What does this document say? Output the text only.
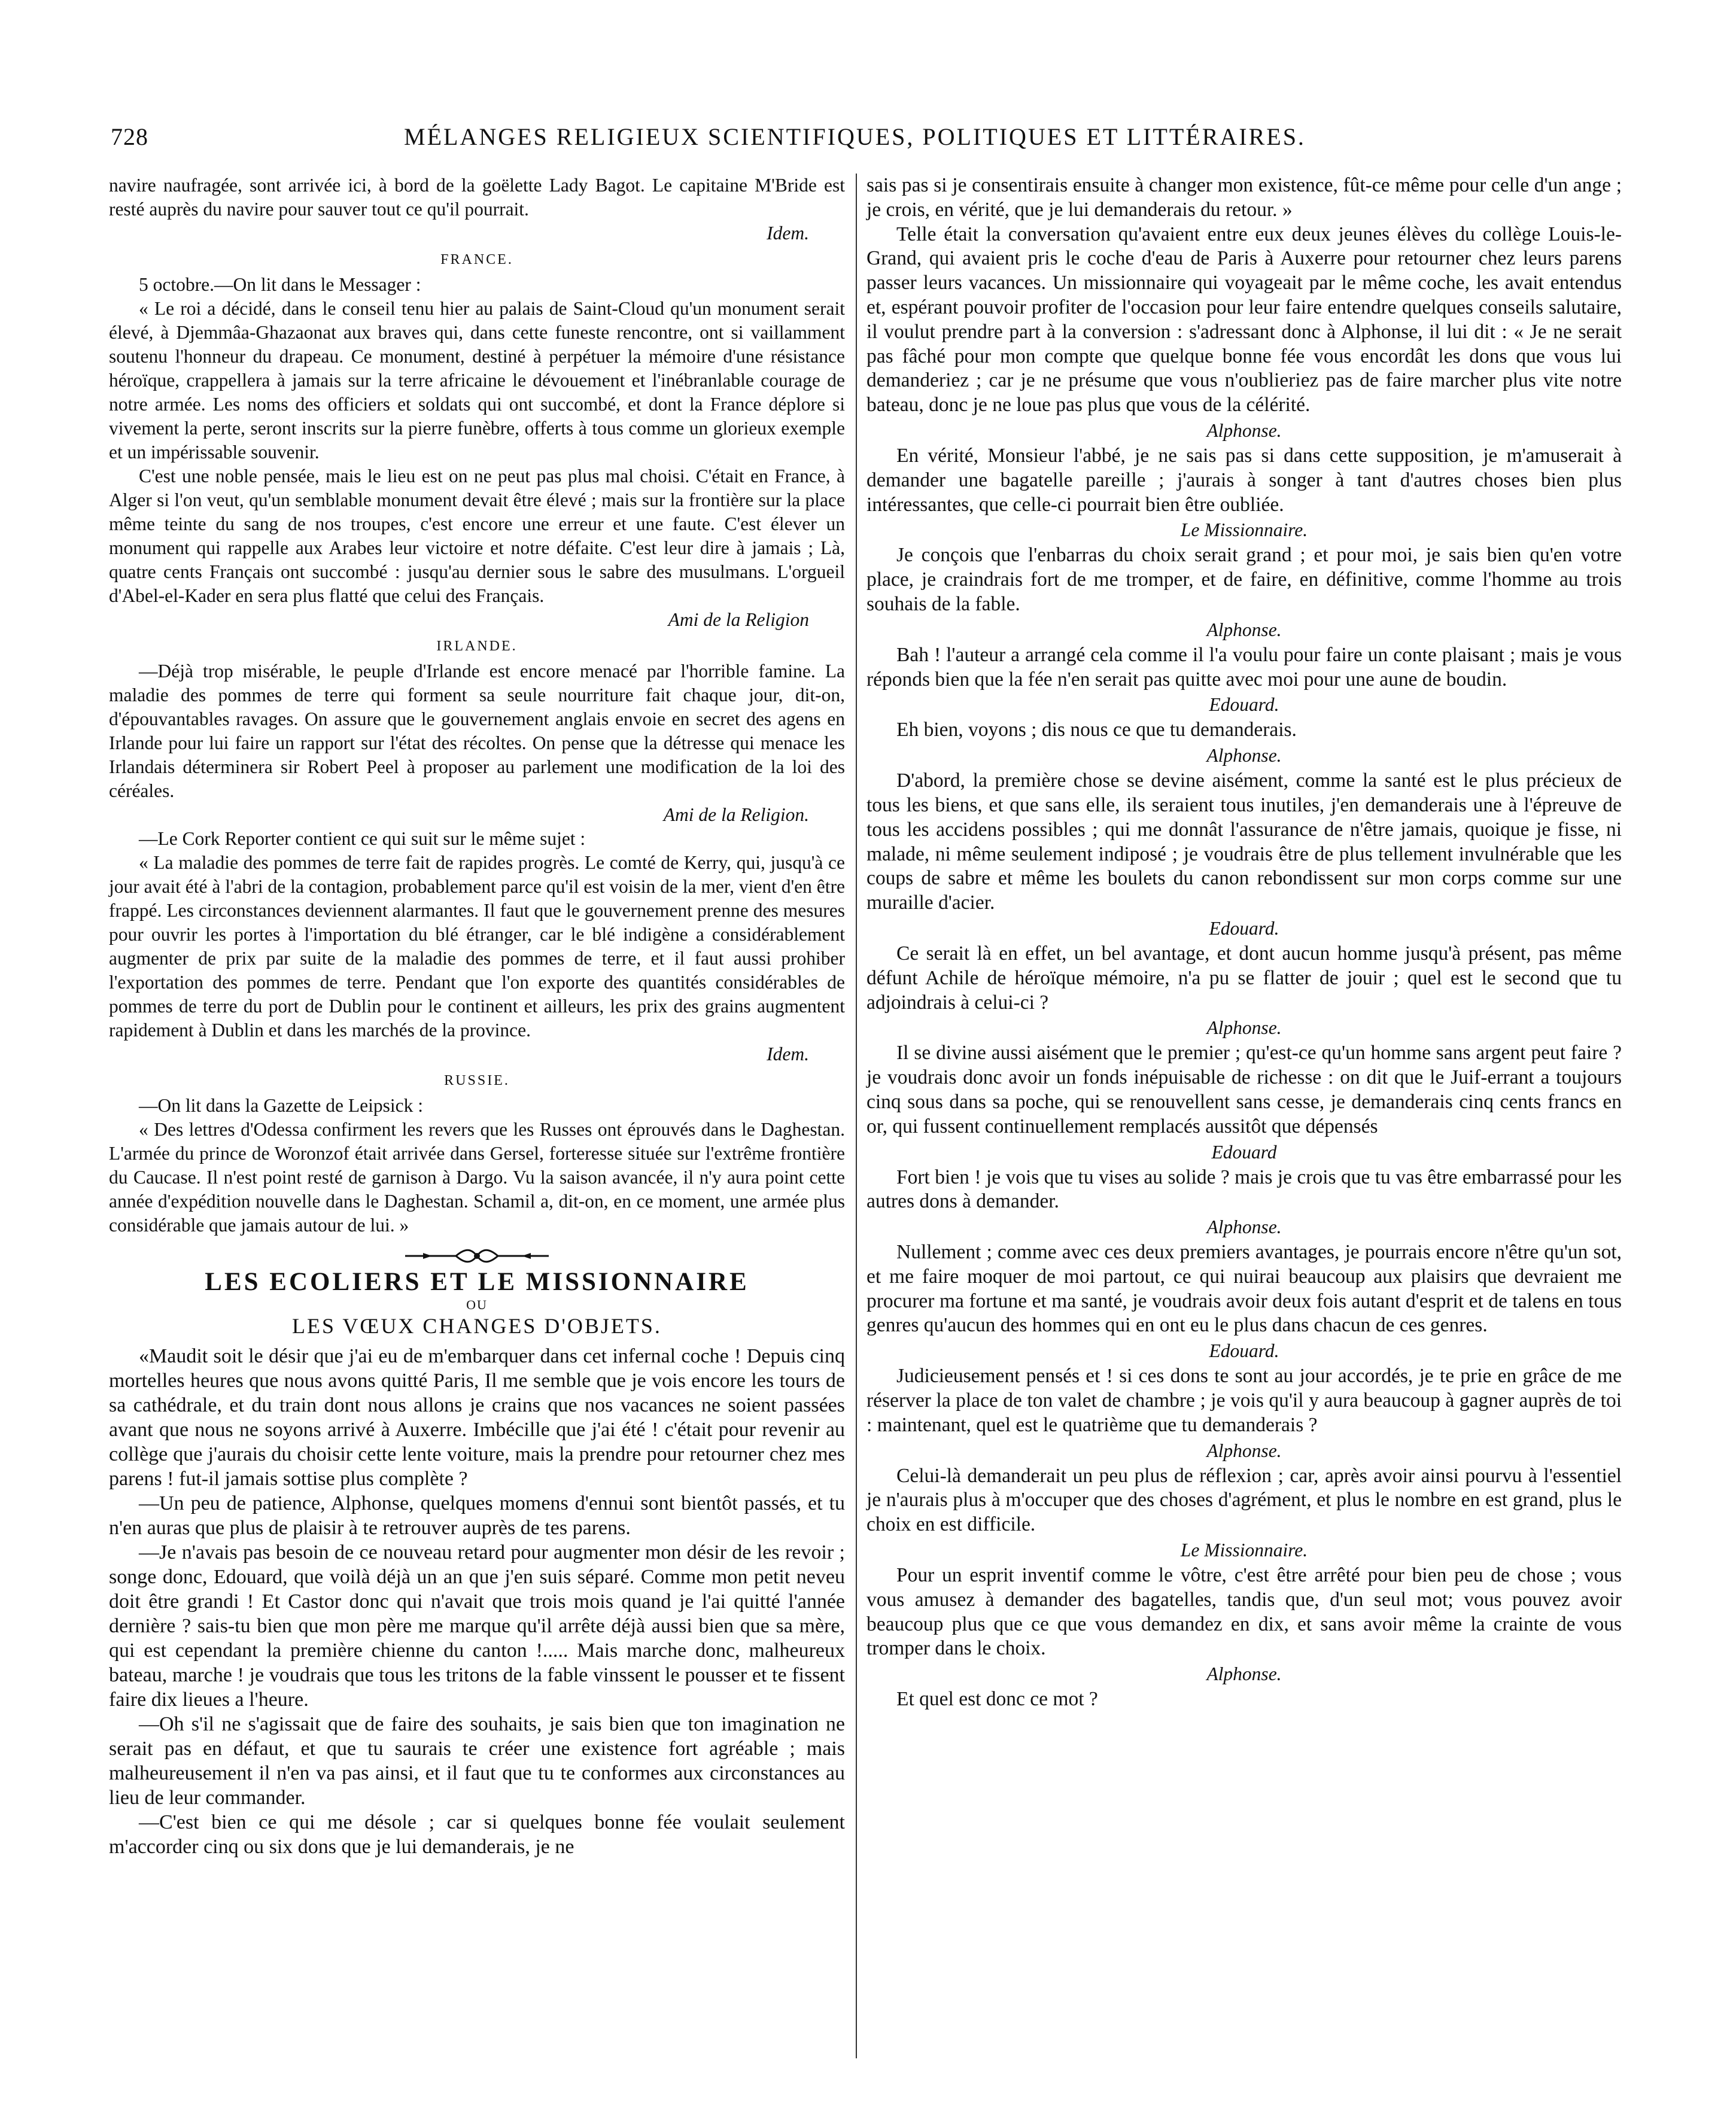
728	MÉLANGES RELIGIEUX SCIENTIFIQUES, POLITIQUES ET LITTÉRAIRES.

navire naufragée, sont arrivée ici, à bord de la goëlette Lady Bagot. Le capitaine M'Bride est resté auprès du navire pour sauver tout ce qu'il pourrait.

Idem.

FRANCE.

5 octobre.—On lit dans le Messager :

« Le roi a décidé, dans le conseil tenu hier au palais de Saint-Cloud qu'un monument serait élevé, à Djemmâa-Ghazaonat aux braves qui, dans cette funeste rencontre, ont si vaillamment soutenu l'honneur du drapeau. Ce monument, destiné à perpétuer la mémoire d'une résistance héroïque, crappellera à jamais sur la terre africaine le dévouement et l'inébranlable courage de notre armée. Les noms des officiers et soldats qui ont succombé, et dont la France déplore si vivement la perte, seront inscrits sur la pierre funèbre, offerts à tous comme un glorieux exemple et un impérissable souvenir.

C'est une noble pensée, mais le lieu est on ne peut pas plus mal choisi. C'était en France, à Alger si l'on veut, qu'un semblable monument devait être élevé ; mais sur la frontière sur la place même teinte du sang de nos troupes, c'est encore une erreur et une faute. C'est élever un monument qui rappelle aux Arabes leur victoire et notre défaite. C'est leur dire à jamais ; Là, quatre cents Français ont succombé : jusqu'au dernier sous le sabre des musulmans. L'orgueil d'Abel-el-Kader en sera plus flatté que celui des Français.

Ami de la Religion

IRLANDE.

—Déjà trop misérable, le peuple d'Irlande est encore menacé par l'horrible famine. La maladie des pommes de terre qui forment sa seule nourriture fait chaque jour, dit-on, d'épouvantables ravages. On assure que le gouvernement anglais envoie en secret des agens en Irlande pour lui faire un rapport sur l'état des récoltes. On pense que la détresse qui menace les Irlandais déterminera sir Robert Peel à proposer au parlement une modification de la loi des céréales.

Ami de la Religion.

—Le Cork Reporter contient ce qui suit sur le même sujet :

« La maladie des pommes de terre fait de rapides progrès. Le comté de Kerry, qui, jusqu'à ce jour avait été à l'abri de la contagion, probablement parce qu'il est voisin de la mer, vient d'en être frappé. Les circonstances deviennent alarmantes. Il faut que le gouvernement prenne des mesures pour ouvrir les portes à l'importation du blé étranger, car le blé indigène a considérablement augmenter de prix par suite de la maladie des pommes de terre, et il faut aussi prohiber l'exportation des pommes de terre. Pendant que l'on exporte des quantités considérables de pommes de terre du port de Dublin pour le continent et ailleurs, les prix des grains augmentent rapidement à Dublin et dans les marchés de la province.

Idem.

RUSSIE.

—On lit dans la Gazette de Leipsick :

« Des lettres d'Odessa confirment les revers que les Russes ont éprouvés dans le Daghestan. L'armée du prince de Woronzof était arrivée dans Gersel, forteresse située sur l'extrême frontière du Caucase. Il n'est point resté de garnison à Dargo. Vu la saison avancée, il n'y aura point cette année d'expédition nouvelle dans le Daghestan. Schamil a, dit-on, en ce moment, une armée plus considérable que jamais autour de lui. »

LES ECOLIERS ET LE MISSIONNAIRE
OU
LES VŒUX CHANGES D'OBJETS.

«Maudit soit le désir que j'ai eu de m'embarquer dans cet infernal coche ! Depuis cinq mortelles heures que nous avons quitté Paris, Il me semble que je vois encore les tours de sa cathédrale, et du train dont nous allons je crains que nos vacances ne soient passées avant que nous ne soyons arrivé à Auxerre. Imbécille que j'ai été ! c'était pour revenir au collège que j'aurais du choisir cette lente voiture, mais la prendre pour retourner chez mes parens ! fut-il jamais sottise plus complète ?

—Un peu de patience, Alphonse, quelques momens d'ennui sont bientôt passés, et tu n'en auras que plus de plaisir à te retrouver auprès de tes parens.

—Je n'avais pas besoin de ce nouveau retard pour augmenter mon désir de les revoir ; songe donc, Edouard, que voilà déjà un an que j'en suis séparé. Comme mon petit neveu doit être grandi ! Et Castor donc qui n'avait que trois mois quand je l'ai quitté l'année dernière ? sais-tu bien que mon père me marque qu'il arrête déjà aussi bien que sa mère, qui est cependant la première chienne du canton !..... Mais marche donc, malheureux bateau, marche ! je voudrais que tous les tritons de la fable vinssent le pousser et te fissent faire dix lieues a l'heure.

—Oh s'il ne s'agissait que de faire des souhaits, je sais bien que ton imagination ne serait pas en défaut, et que tu saurais te créer une existence fort agréable ; mais malheureusement il n'en va pas ainsi, et il faut que tu te conformes aux circonstances au lieu de leur commander.

—C'est bien ce qui me désole ; car si quelques bonne fée voulait seulement m'accorder cinq ou six dons que je lui demanderais, je ne

sais pas si je consentirais ensuite à changer mon existence, fût-ce même pour celle d'un ange ; je crois, en vérité, que je lui demanderais du retour. »

Telle était la conversation qu'avaient entre eux deux jeunes élèves du collège Louis-le-Grand, qui avaient pris le coche d'eau de Paris à Auxerre pour retourner chez leurs parens passer leurs vacances. Un missionnaire qui voyageait par le même coche, les avait entendus et, espérant pouvoir profiter de l'occasion pour leur faire entendre quelques conseils salutaire, il voulut prendre part à la conversion : s'adressant donc à Alphonse, il lui dit : « Je ne serait pas fâché pour mon compte que quelque bonne fée vous encordât les dons que vous lui demanderiez ; car je ne présume que vous n'oublieriez pas de faire marcher plus vite notre bateau, donc je ne loue pas plus que vous de la célérité.

Alphonse.

En vérité, Monsieur l'abbé, je ne sais pas si dans cette supposition, je m'amuserait à demander une bagatelle pareille ; j'aurais à songer à tant d'autres choses bien plus intéressantes, que celle-ci pourrait bien être oubliée.

Le Missionnaire.

Je conçois que l'enbarras du choix serait grand ; et pour moi, je sais bien qu'en votre place, je craindrais fort de me tromper, et de faire, en définitive, comme l'homme au trois souhais de la fable.

Alphonse.

Bah ! l'auteur a arrangé cela comme il l'a voulu pour faire un conte plaisant ; mais je vous réponds bien que la fée n'en serait pas quitte avec moi pour une aune de boudin.

Edouard.

Eh bien, voyons ; dis nous ce que tu demanderais.

Alphonse.

D'abord, la première chose se devine aisément, comme la santé est le plus précieux de tous les biens, et que sans elle, ils seraient tous inutiles, j'en demanderais une à l'épreuve de tous les accidens possibles ; qui me donnât l'assurance de n'être jamais, quoique je fisse, ni malade, ni même seulement indiposé ; je voudrais être de plus tellement invulnérable que les coups de sabre et même les boulets du canon rebondissent sur mon corps comme sur une muraille d'acier.

Edouard.

Ce serait là en effet, un bel avantage, et dont aucun homme jusqu'à présent, pas même défunt Achile de héroïque mémoire, n'a pu se flatter de jouir ; quel est le second que tu adjoindrais à celui-ci ?

Alphonse.

Il se divine aussi aisément que le premier ; qu'est-ce qu'un homme sans argent peut faire ? je voudrais donc avoir un fonds inépuisable de richesse : on dit que le Juif-errant a toujours cinq sous dans sa poche, qui se renouvellent sans cesse, je demanderais cinq cents francs en or, qui fussent continuellement remplacés aussitôt que dépensés

Edouard

Fort bien ! je vois que tu vises au solide ? mais je crois que tu vas être embarrassé pour les autres dons à demander.

Alphonse.

Nullement ; comme avec ces deux premiers avantages, je pourrais encore n'être qu'un sot, et me faire moquer de moi partout, ce qui nuirai beaucoup aux plaisirs que devraient me procurer ma fortune et ma santé, je voudrais avoir deux fois autant d'esprit et de talens en tous genres qu'aucun des hommes qui en ont eu le plus dans chacun de ces genres.

Edouard.

Judicieusement pensés et ! si ces dons te sont au jour accordés, je te prie en grâce de me réserver la place de ton valet de chambre ; je vois qu'il y aura beaucoup à gagner auprès de toi : maintenant, quel est le quatrième que tu demanderais ?

Alphonse.

Celui-là demanderait un peu plus de réflexion ; car, après avoir ainsi pourvu à l'essentiel je n'aurais plus à m'occuper que des choses d'agrément, et plus le nombre en est grand, plus le choix en est difficile.

Le Missionnaire.

Pour un esprit inventif comme le vôtre, c'est être arrêté pour bien peu de chose ; vous vous amusez à demander des bagatelles, tandis que, d'un seul mot; vous pouvez avoir beaucoup plus que ce que vous demandez en dix, et sans avoir même la crainte de vous tromper dans le choix.

Alphonse.

Et quel est donc ce mot ?
